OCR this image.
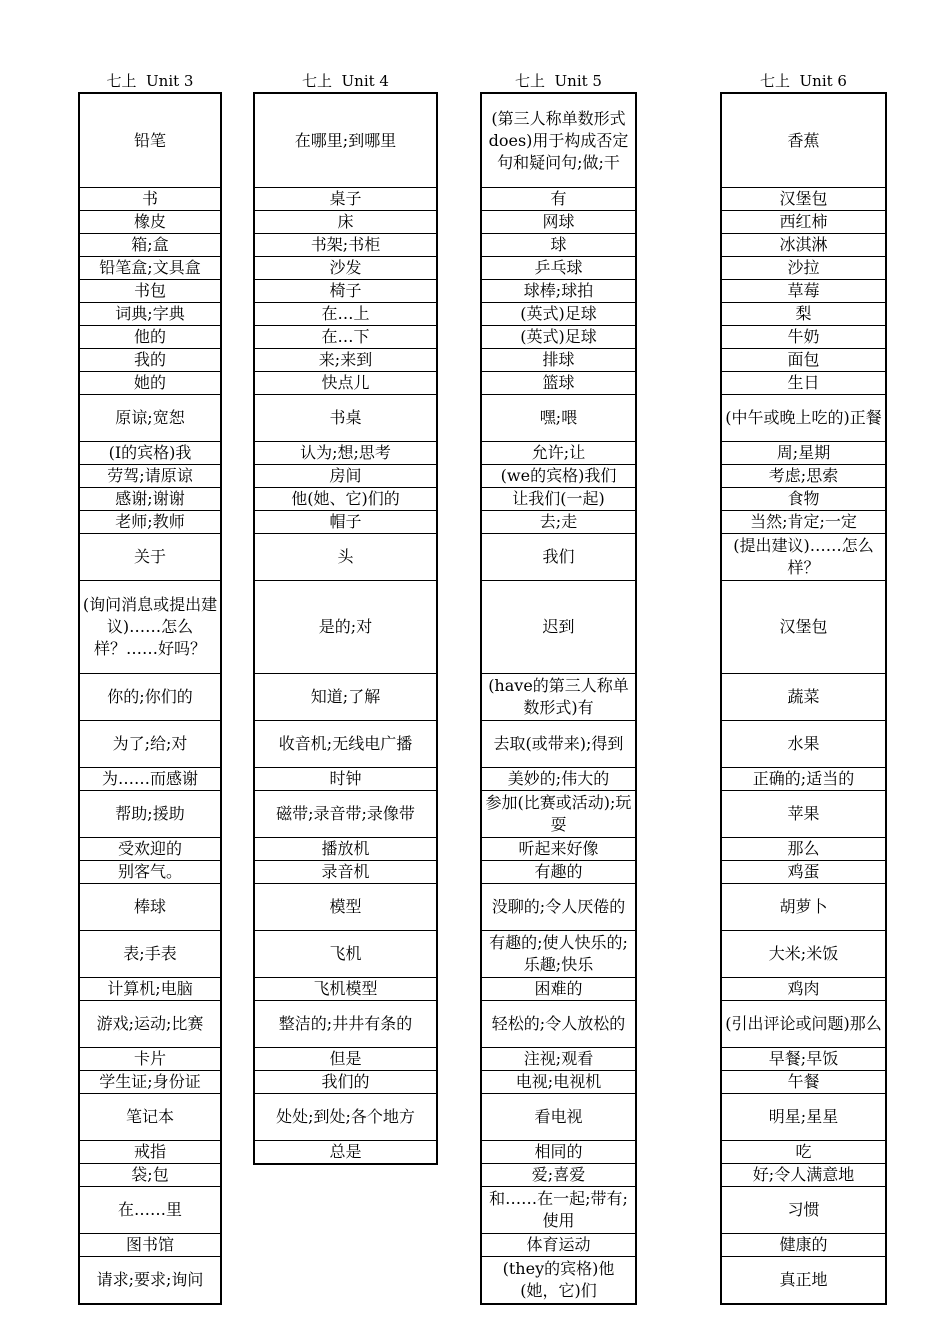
七上  Unit 3
铅笔
书
橡皮
箱;盒
铅笔盒;文具盒
书包
词典;字典
他的
我的
她的
原谅;宽恕
(I的宾格)我
劳驾;请原谅
感谢;谢谢
老师;教师
关于
(询问消息或提出建议)……怎么样？……好吗？
你的;你们的
为了;给;对
为……而感谢
帮助;援助
受欢迎的
别客气。
棒球
表;手表
计算机;电脑
游戏;运动;比赛
卡片
学生证;身份证
笔记本
戒指
袋;包
在……里
图书馆
请求;要求;询问
七上  Unit 4
在哪里;到哪里
桌子
床
书架;书柜
沙发
椅子
在…上
在…下
来;来到
快点儿
书桌
认为;想;思考
房间
他(她、它)们的
帽子
头
是的;对
知道;了解
收音机;无线电广播
时钟
磁带;录音带;录像带
播放机
录音机
模型
飞机
飞机模型
整洁的;井井有条的
但是
我们的
处处;到处;各个地方
总是
七上  Unit 5
(第三人称单数形式does)用于构成否定句和疑问句;做;干
有
网球
球
乒乓球
球棒;球拍
(英式)足球
(英式)足球
排球
篮球
嘿;喂
允许;让
(we的宾格)我们
让我们(一起)
去;走
我们
迟到
(have的第三人称单数形式)有
去取(或带来);得到
美妙的;伟大的
参加(比赛或活动);玩耍
听起来好像
有趣的
没聊的;令人厌倦的
有趣的;使人快乐的;乐趣;快乐
困难的
轻松的;令人放松的
注视;观看
电视;电视机
看电视
相同的
爱;喜爱
和……在一起;带有;使用
体育运动
(they的宾格)他(她，它)们
七上  Unit 6
香蕉
汉堡包
西红柿
冰淇淋
沙拉
草莓
梨
牛奶
面包
生日
(中午或晚上吃的)正餐
周;星期
考虑;思索
食物
当然;肯定;一定
(提出建议)……怎么样？
汉堡包
蔬菜
水果
正确的;适当的
苹果
那么
鸡蛋
胡萝卜
大米;米饭
鸡肉
(引出评论或问题)那么
早餐;早饭
午餐
明星;星星
吃
好;令人满意地
习惯
健康的
真正地
